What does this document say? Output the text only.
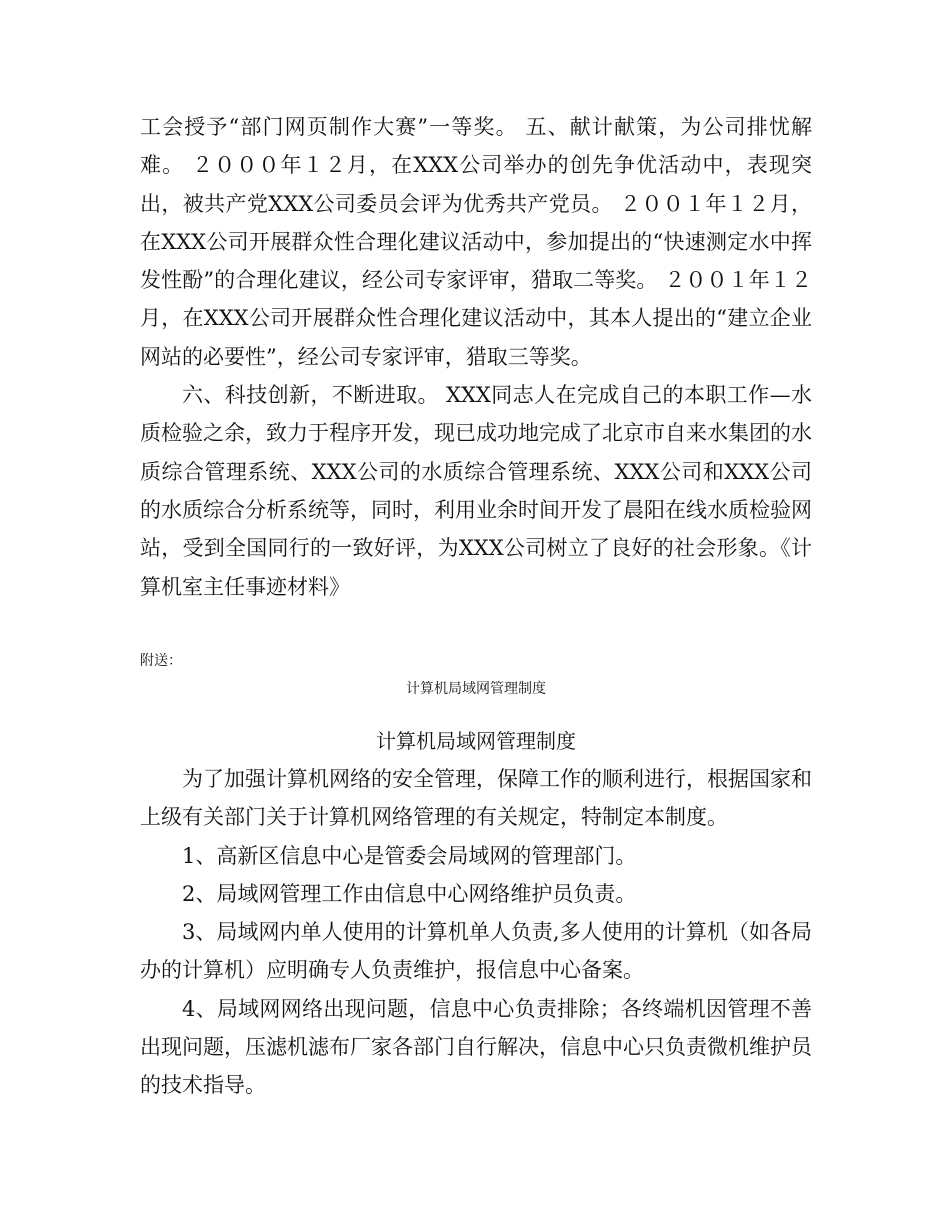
工会授予“部门网页制作大赛”一等奖。 五、献计献策，为公司排忧解难。 ２０００年１２月，在XXX公司举办的创先争优活动中，表现突出，被共产党XXX公司委员会评为优秀共产党员。 ２００１年１２月，在XXX公司开展群众性合理化建议活动中，参加提出的“快速测定水中挥发性酚”的合理化建议，经公司专家评审，猎取二等奖。 ２００１年１２月，在XXX公司开展群众性合理化建议活动中，其本人提出的“建立企业网站的必要性”，经公司专家评审，猎取三等奖。

六、科技创新，不断进取。 XXX同志人在完成自己的本职工作—水质检验之余，致力于程序开发，现已成功地完成了北京市自来水集团的水质综合管理系统、XXX公司的水质综合管理系统、XXX公司和XXX公司的水质综合分析系统等，同时，利用业余时间开发了晨阳在线水质检验网站，受到全国同行的一致好评，为XXX公司树立了良好的社会形象。《计算机室主任事迹材料》

附送：

计算机局域网管理制度

计算机局域网管理制度

为了加强计算机网络的安全管理，保障工作的顺利进行，根据国家和上级有关部门关于计算机网络管理的有关规定，特制定本制度。

1、高新区信息中心是管委会局域网的管理部门。

2、局域网管理工作由信息中心网络维护员负责。

3、局域网内单人使用的计算机单人负责,多人使用的计算机（如各局办的计算机）应明确专人负责维护，报信息中心备案。

4、局域网网络出现问题，信息中心负责排除；各终端机因管理不善出现问题，压滤机滤布厂家各部门自行解决，信息中心只负责微机维护员的技术指导。
